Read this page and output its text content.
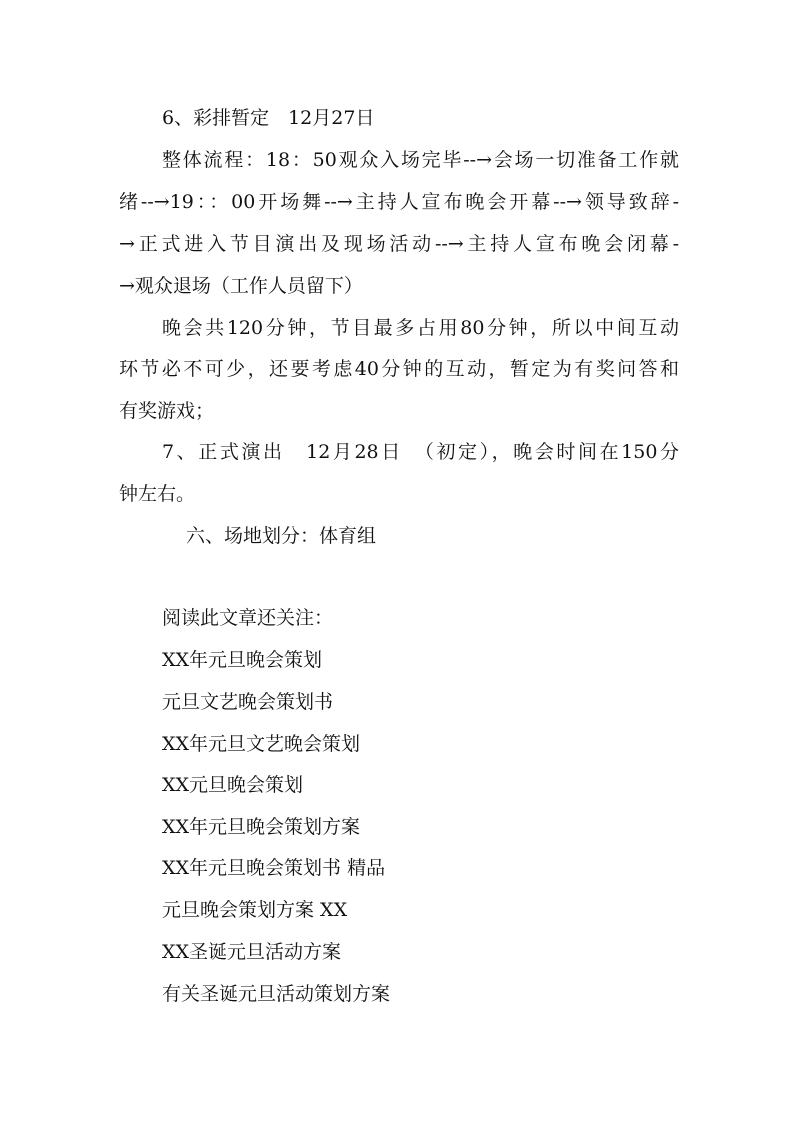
6、彩排暂定　12月27日

整体流程：18：50观众入场完毕--→会场一切准备工作就

绪--→19：：00开场舞--→主持人宣布晚会开幕--→领导致辞-

→正式进入节目演出及现场活动--→主持人宣布晚会闭幕-

→观众退场（工作人员留下）

晚会共120分钟，节目最多占用80分钟，所以中间互动

环节必不可少，还要考虑40分钟的互动，暂定为有奖问答和

有奖游戏；

7、正式演出　12月28日　（初定），晚会时间在150分

钟左右。

六、场地划分：体育组

阅读此文章还关注：

XX年元旦晚会策划
元旦文艺晚会策划书
XX年元旦文艺晚会策划
XX元旦晚会策划
XX年元旦晚会策划方案
XX年元旦晚会策划书 精品
元旦晚会策划方案 XX
XX圣诞元旦活动方案
有关圣诞元旦活动策划方案
